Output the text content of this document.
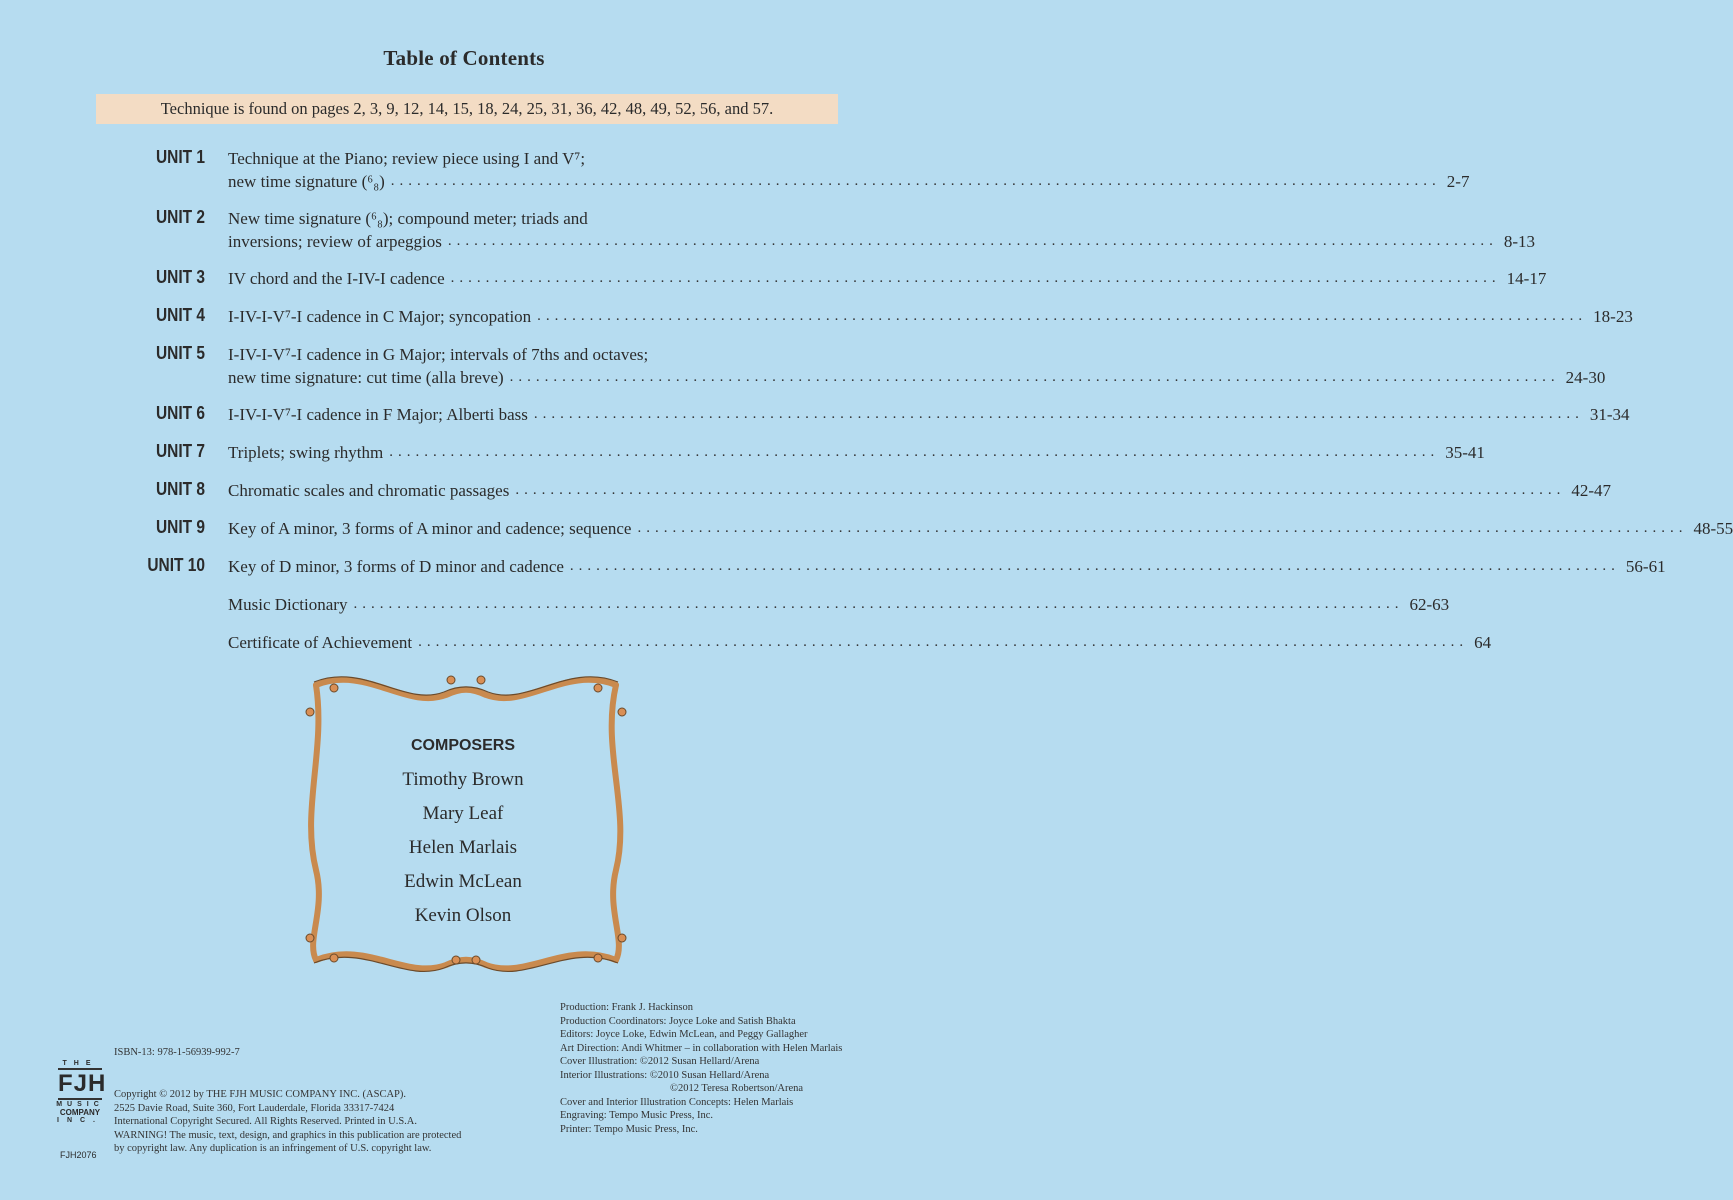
Table of Contents
Technique is found on pages 2, 3, 9, 12, 14, 15, 18, 24, 25, 31, 36, 42, 48, 49, 52, 56, and 57.
UNIT 1 Technique at the Piano; review piece using I and V⁷;
new time signature (⁶₈) ........................................................................................................................ 2-7
UNIT 2 New time signature (⁶₈); compound meter; triads and
inversions; review of arpeggios ........................................................................................................................ 8-13
UNIT 3 IV chord and the I-IV-I cadence ........................................................................................................................ 14-17
UNIT 4 I-IV-I-V⁷-I cadence in C Major; syncopation ........................................................................................................................ 18-23
UNIT 5 I-IV-I-V⁷-I cadence in G Major; intervals of 7ths and octaves;
new time signature: cut time (alla breve) ........................................................................................................................ 24-30
UNIT 6 I-IV-I-V⁷-I cadence in F Major; Alberti bass ........................................................................................................................ 31-34
UNIT 7 Triplets; swing rhythm ........................................................................................................................ 35-41
UNIT 8 Chromatic scales and chromatic passages ........................................................................................................................ 42-47
UNIT 9 Key of A minor, 3 forms of A minor and cadence; sequence ........................................................................................................................ 48-55
UNIT 10 Key of D minor, 3 forms of D minor and cadence ........................................................................................................................ 56-61
Music Dictionary ........................................................................................................................ 62-63
Certificate of Achievement ........................................................................................................................ 64
COMPOSERS
Timothy Brown
Mary Leaf
Helen Marlais
Edwin McLean
Kevin Olson
THE
FJH
MUSIC
COMPANY
INC.
FJH2076
ISBN-13: 978-1-56939-992-7
Copyright © 2012 by THE FJH MUSIC COMPANY INC. (ASCAP).
2525 Davie Road, Suite 360, Fort Lauderdale, Florida 33317-7424
International Copyright Secured. All Rights Reserved. Printed in U.S.A.
WARNING! The music, text, design, and graphics in this publication are protected
by copyright law. Any duplication is an infringement of U.S. copyright law.
Production: Frank J. Hackinson
Production Coordinators: Joyce Loke and Satish Bhakta
Editors: Joyce Loke, Edwin McLean, and Peggy Gallagher
Art Direction: Andi Whitmer – in collaboration with Helen Marlais
Cover Illustration: ©2012 Susan Hellard/Arena
Interior Illustrations: ©2010 Susan Hellard/Arena
©2012 Teresa Robertson/Arena
Cover and Interior Illustration Concepts: Helen Marlais
Engraving: Tempo Music Press, Inc.
Printer: Tempo Music Press, Inc.
